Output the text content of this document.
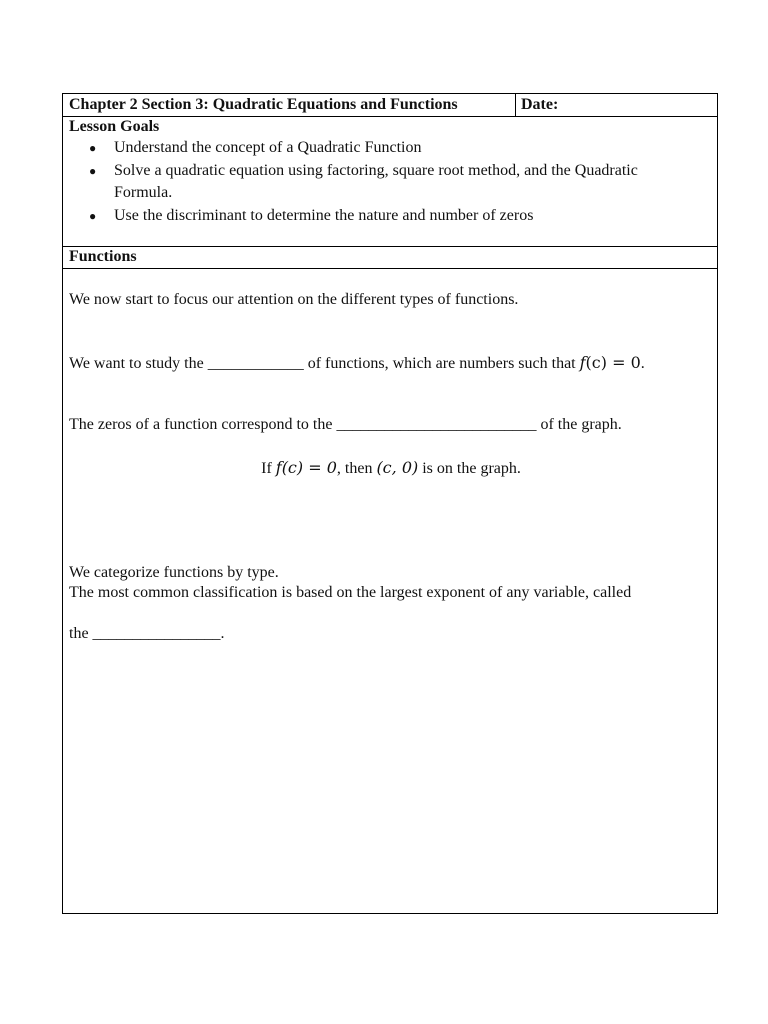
Chapter 2 Section 3: Quadratic Equations and Functions	Date:
Lesson Goals
● Understand the concept of a Quadratic Function
● Solve a quadratic equation using factoring, square root method, and the Quadratic
Formula.
● Use the discriminant to determine the nature and number of zeros
Functions
We now start to focus our attention on the different types of functions.
We want to study the ____________ of functions, which are numbers such that f(c) = 0.
The zeros of a function correspond to the _________________________ of the graph.
If f(c) = 0, then (c, 0) is on the graph.
We categorize functions by type.
The most common classification is based on the largest exponent of any variable, called
the ________________.
